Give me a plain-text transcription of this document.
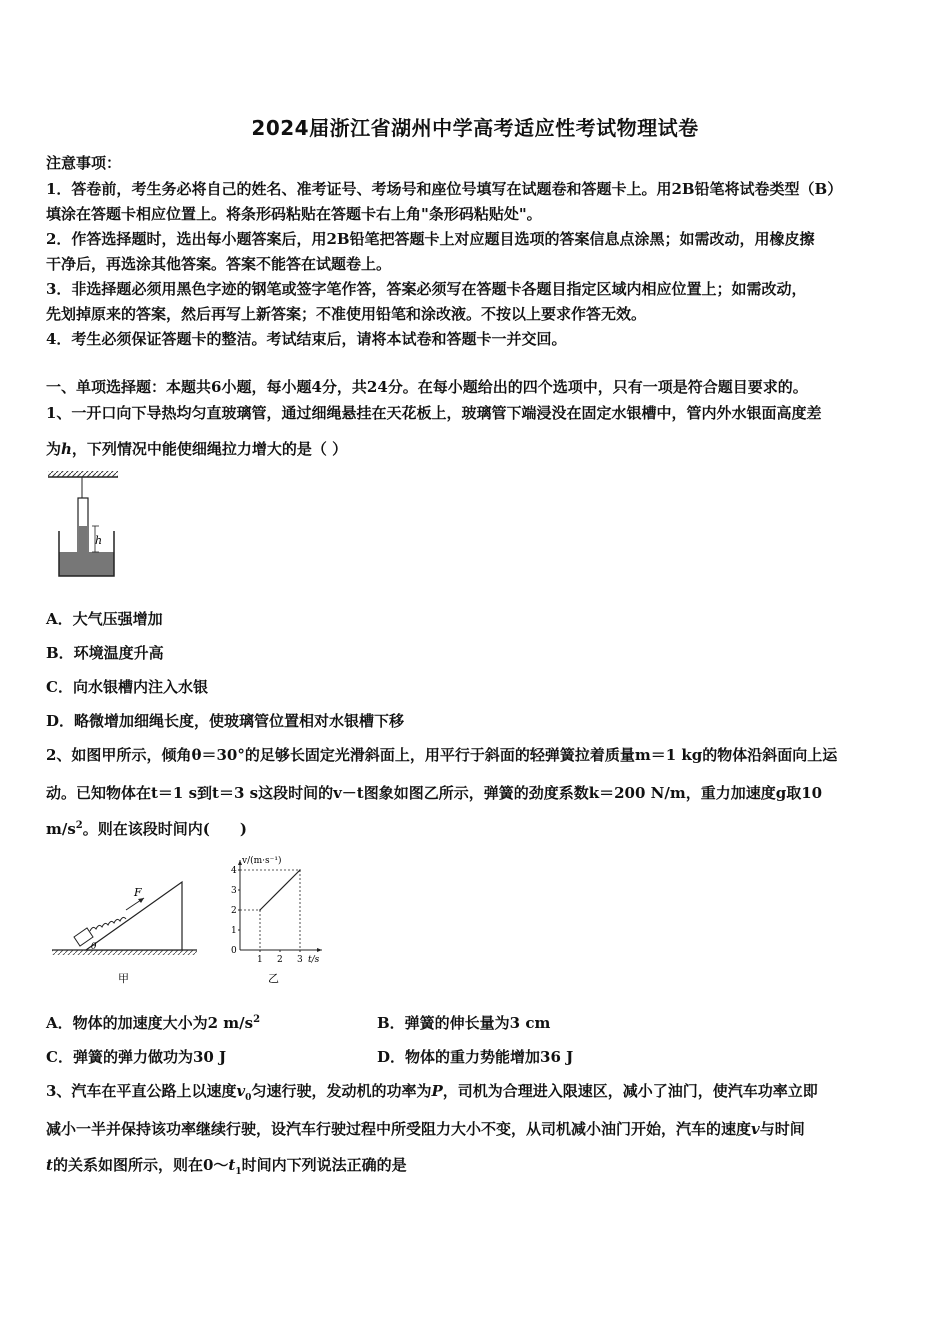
2024届浙江省湖州中学高考适应性考试物理试卷
注意事项：
1．答卷前，考生务必将自己的姓名、准考证号、考场号和座位号填写在试题卷和答题卡上。用2B铅笔将试卷类型（B）
填涂在答题卡相应位置上。将条形码粘贴在答题卡右上角"条形码粘贴处"。
2．作答选择题时，选出每小题答案后，用2B铅笔把答题卡上对应题目选项的答案信息点涂黑；如需改动，用橡皮擦
干净后，再选涂其他答案。答案不能答在试题卷上。
3．非选择题必须用黑色字迹的钢笔或签字笔作答，答案必须写在答题卡各题目指定区域内相应位置上；如需改动，
先划掉原来的答案，然后再写上新答案；不准使用铅笔和涂改液。不按以上要求作答无效。
4．考生必须保证答题卡的整洁。考试结束后，请将本试卷和答题卡一并交回。
一、单项选择题：本题共6小题，每小题4分，共24分。在每小题给出的四个选项中，只有一项是符合题目要求的。
1、一开口向下导热均匀直玻璃管，通过细绳悬挂在天花板上，玻璃管下端浸没在固定水银槽中，管内外水银面高度差
为h，下列情况中能使细绳拉力增大的是（ ）
h
A．大气压强增加
B．环境温度升高
C．向水银槽内注入水银
D．略微增加细绳长度，使玻璃管位置相对水银槽下移
2、如图甲所示，倾角θ＝30°的足够长固定光滑斜面上，用平行于斜面的轻弹簧拉着质量m＝1 kg的物体沿斜面向上运
动。已知物体在t＝1 s到t＝3 s这段时间的v－t图象如图乙所示，弹簧的劲度系数k＝200 N/m，重力加速度g取10
$m/s^2$。则在该段时间内(　　)
F
θ
甲
v/(m·s⁻¹)
t/s
0
1
2
3
4
1 2 3
乙
A．物体的加速度大小为2 $m/s^2$	B．弹簧的伸长量为3 cm
C．弹簧的弹力做功为30 J	D．物体的重力势能增加36 J
3、汽车在平直公路上以速度$v_0$匀速行驶，发动机的功率为P，司机为合理进入限速区，减小了油门，使汽车功率立即
减小一半并保持该功率继续行驶，设汽车行驶过程中所受阻力大小不变，从司机减小油门开始，汽车的速度v与时间
t的关系如图所示，则在$0\sim t_1$时间内下列说法正确的是
